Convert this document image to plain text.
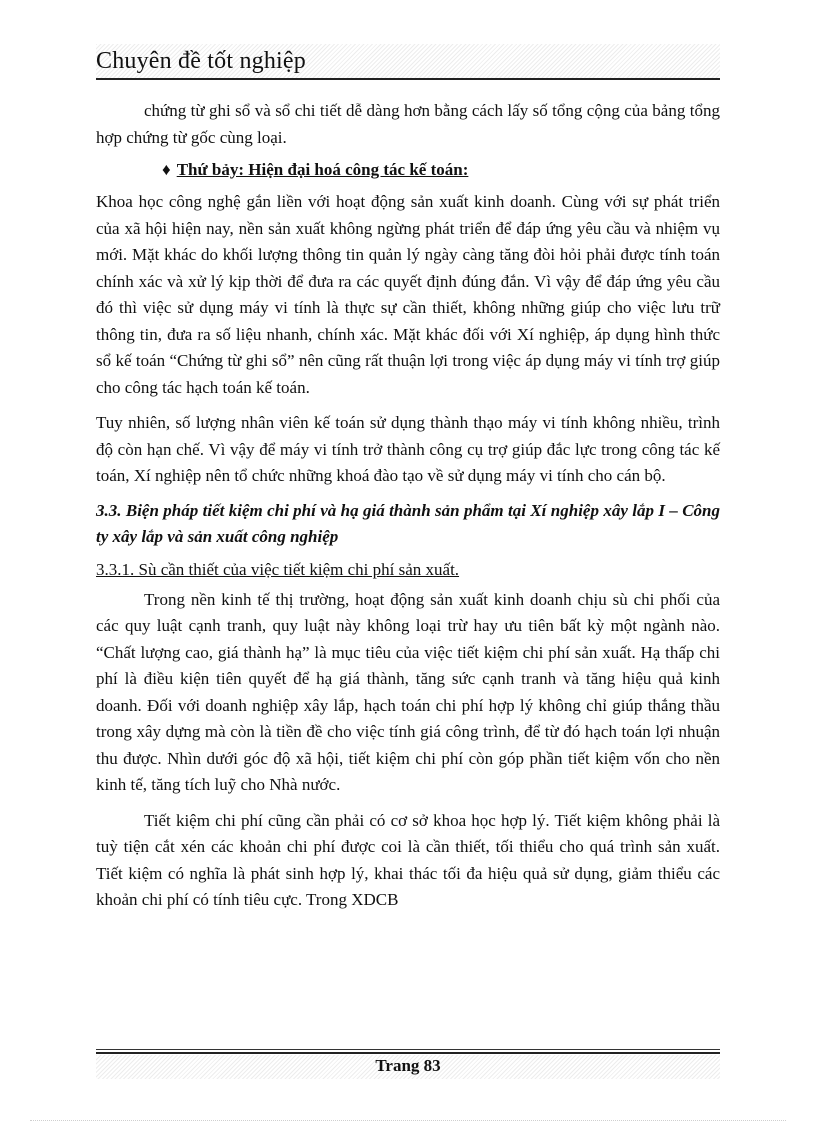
Chuyên đề tốt nghiệp

chứng từ ghi sổ và sổ chi tiết dễ dàng hơn bằng cách lấy số tổng cộng của bảng tổng hợp chứng từ gốc cùng loại.

♦ Thứ bảy: Hiện đại hoá công tác kế toán:

Khoa học công nghệ gắn liền với hoạt động sản xuất kinh doanh. Cùng với sự phát triển của xã hội hiện nay, nền sản xuất không ngừng phát triển để đáp ứng yêu cầu và nhiệm vụ mới. Mặt khác do khối lượng thông tin quản lý ngày càng tăng đòi hỏi phải được tính toán chính xác và xử lý kịp thời để đưa ra các quyết định đúng đắn. Vì vậy để đáp ứng yêu cầu đó thì việc sử dụng máy vi tính là thực sự cần thiết, không những giúp cho việc lưu trữ thông tin, đưa ra số liệu nhanh, chính xác. Mặt khác đối với Xí nghiệp, áp dụng hình thức sổ kế toán “Chứng từ ghi sổ” nên cũng rất thuận lợi trong việc áp dụng máy vi tính trợ giúp cho công tác hạch toán kế toán.

Tuy nhiên, số lượng nhân viên kế toán sử dụng thành thạo máy vi tính không nhiều, trình độ còn hạn chế. Vì vậy để máy vi tính trở thành công cụ trợ giúp đắc lực trong công tác kế toán, Xí nghiệp nên tổ chức những khoá đào tạo về sử dụng máy vi tính cho cán bộ.

3.3. Biện pháp tiết kiệm chi phí và hạ giá thành sản phẩm tại Xí nghiệp xây lắp I – Công ty xây lắp và sản xuất công nghiệp
3.3.1. Sù cần thiết của việc tiết kiệm chi phí sản xuất.

Trong nền kinh tế thị trường, hoạt động sản xuất kinh doanh chịu sù chi phối của các quy luật cạnh tranh, quy luật này không loại trừ hay ưu tiên bất kỳ một ngành nào. “Chất lượng cao, giá thành hạ” là mục tiêu của việc tiết kiệm chi phí sản xuất. Hạ thấp chi phí là điều kiện tiên quyết để hạ giá thành, tăng sức cạnh tranh và tăng hiệu quả kinh doanh. Đối với doanh nghiệp xây lắp, hạch toán chi phí hợp lý không chỉ giúp thắng thầu trong xây dựng mà còn là tiền đề cho việc tính giá công trình, để từ đó hạch toán lợi nhuận thu được. Nhìn dưới góc độ xã hội, tiết kiệm chi phí còn góp phần tiết kiệm vốn cho nền kinh tế, tăng tích luỹ cho Nhà nước.

Tiết kiệm chi phí cũng cần phải có cơ sở khoa học hợp lý. Tiết kiệm không phải là tuỳ tiện cắt xén các khoản chi phí được coi là cần thiết, tối thiểu cho quá trình sản xuất. Tiết kiệm có nghĩa là phát sinh hợp lý, khai thác tối đa hiệu quả sử dụng, giảm thiểu các khoản chi phí có tính tiêu cực. Trong XDCB

Trang 83
